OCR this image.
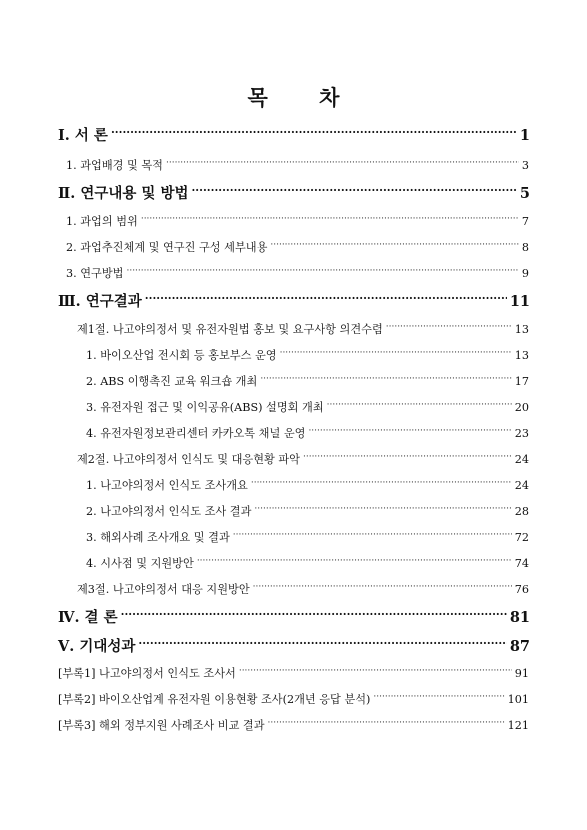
목 차
I. 서 론 ·····	1
1. 과업배경 및 목적 ·····	3
Ⅱ. 연구내용 및 방법 ·····	5
1. 과업의 범위 ·····	7
2. 과업추진체계 및 연구진 구성 세부내용 ·····	8
3. 연구방법 ·····	9
Ⅲ. 연구결과 ·····	11
제1절. 나고야의정서 및 유전자원법 홍보 및 요구사항 의견수렴 ·····	13
1. 바이오산업 전시회 등 홍보부스 운영 ·····	13
2. ABS 이행촉진 교육 워크숍 개최 ·····	17
3. 유전자원 접근 및 이익공유(ABS) 설명회 개최 ·····	20
4. 유전자원정보관리센터 카카오톡 채널 운영 ·····	23
제2절. 나고야의정서 인식도 및 대응현황 파악 ·····	24
1. 나고야의정서 인식도 조사개요 ·····	24
2. 나고야의정서 인식도 조사 결과 ·····	28
3. 해외사례 조사개요 및 결과 ·····	72
4. 시사점 및 지원방안 ·····	74
제3절. 나고야의정서 대응 지원방안 ·····	76
Ⅳ. 결 론 ·····	81
Ⅴ. 기대성과 ·····	87
[부록1] 나고야의정서 인식도 조사서 ·····	91
[부록2] 바이오산업계 유전자원 이용현황 조사(2개년 응답 분석) ·····	101
[부록3] 해외 정부지원 사례조사 비교 결과 ·····	121
